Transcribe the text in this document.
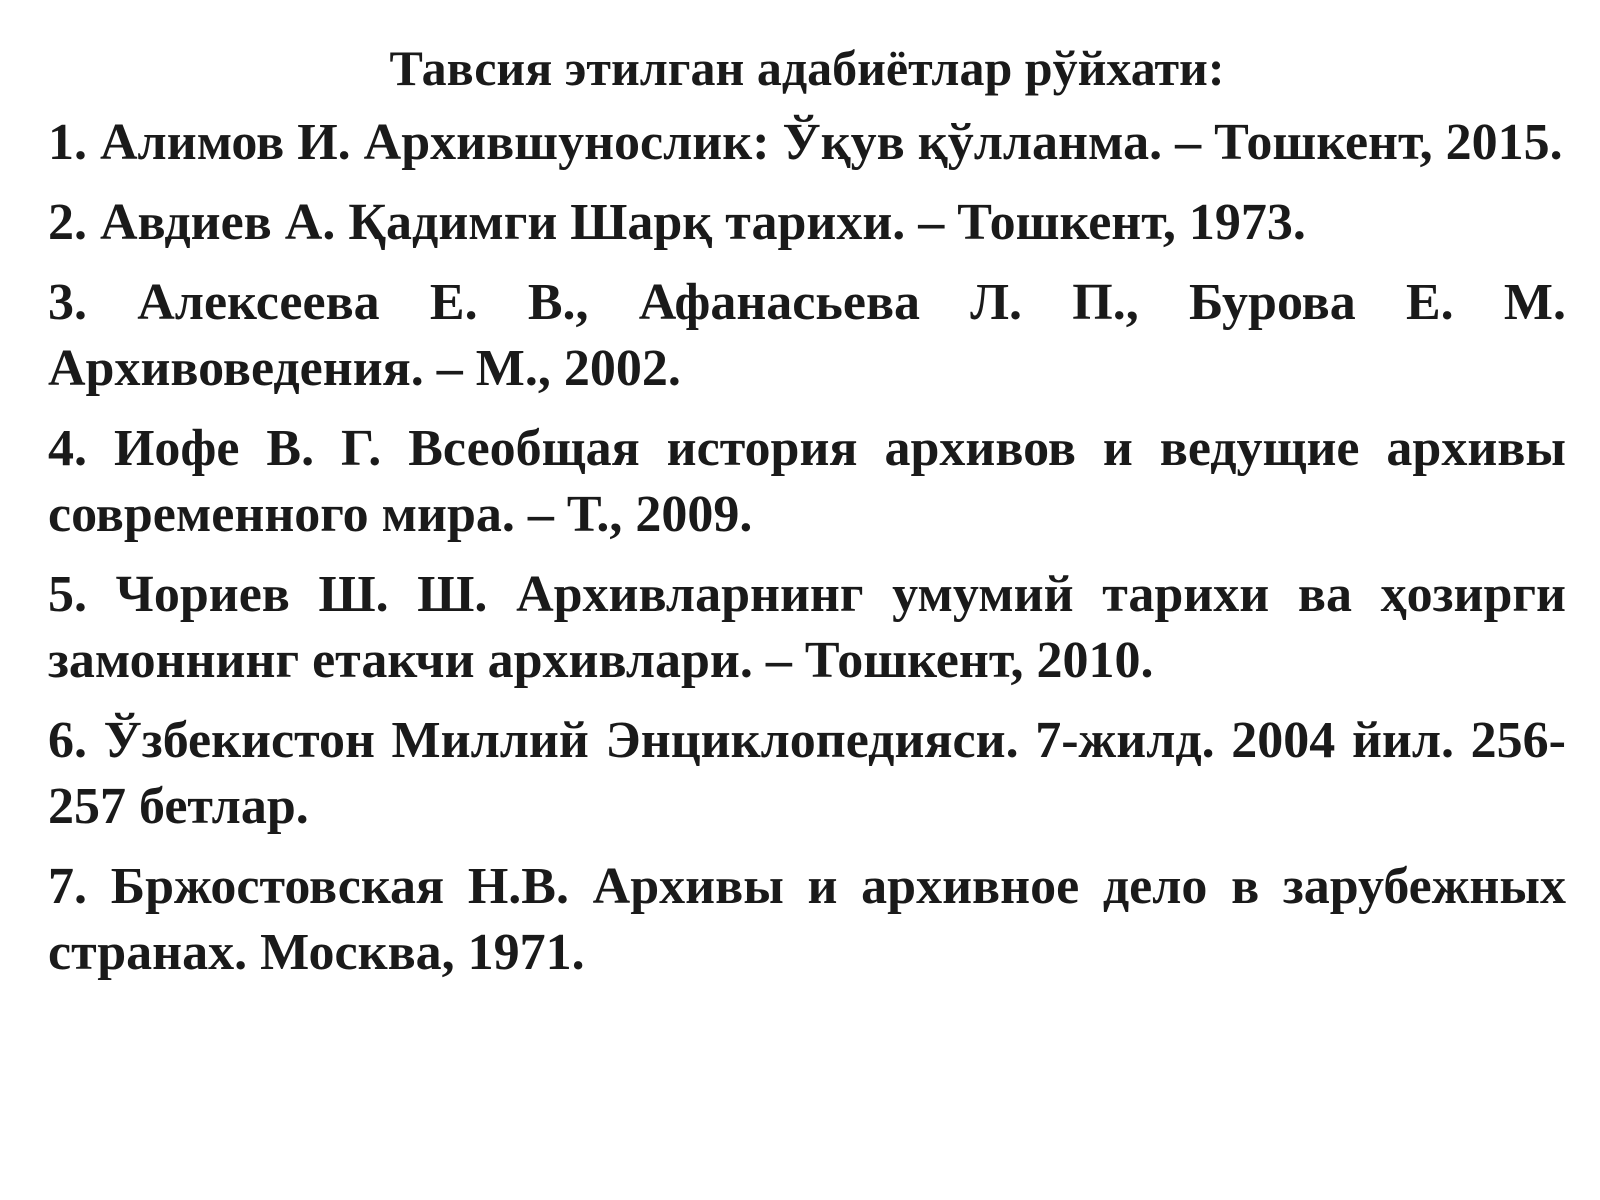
Тавсия этилган адабиётлар рўйхати:
1. Алимов И. Архившунослик: Ўқув қўлланма. – Тошкент, 2015.
2. Авдиев А. Қадимги Шарқ тарихи. – Тошкент, 1973.
3. Алексеева Е. В., Афанасьева Л. П., Бурова Е. М. Архивоведения. – М., 2002.
4. Иофе В. Г. Всеобщая история архивов и ведущие архивы современного мира. – Т., 2009.
5. Чориев Ш. Ш. Архивларнинг умумий тарихи ва ҳозирги замоннинг етакчи архивлари. – Тошкент, 2010.
6. Ўзбекистон Миллий Энциклопедияси. 7-жилд. 2004 йил. 256-257 бетлар.
7. Бржостовская Н.В. Архивы и архивное дело в зарубежных странах. Москва, 1971.
